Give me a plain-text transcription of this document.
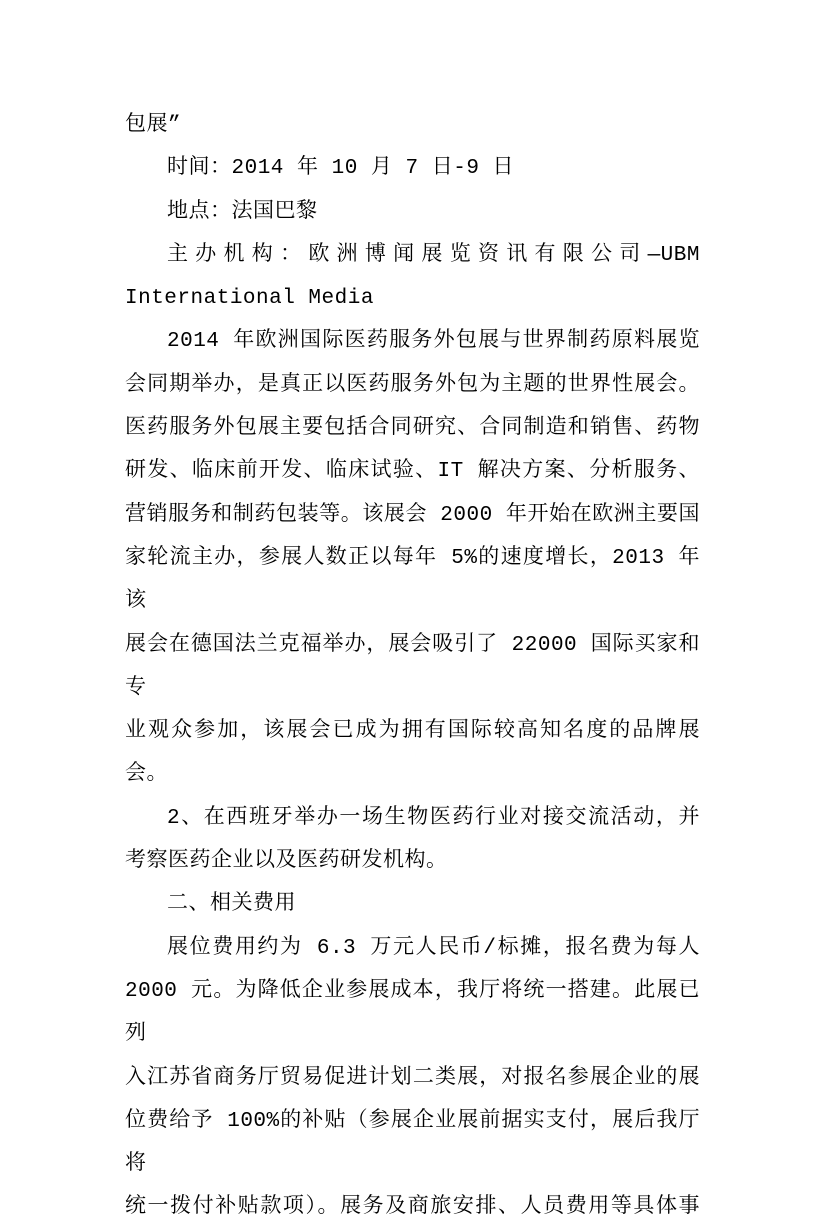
包展”
时间：2014 年 10 月 7 日-9 日
地点：法国巴黎
主办机构：欧洲博闻展览资讯有限公司—UBM
International Media
2014 年欧洲国际医药服务外包展与世界制药原料展览
会同期举办，是真正以医药服务外包为主题的世界性展会。
医药服务外包展主要包括合同研究、合同制造和销售、药物
研发、临床前开发、临床试验、IT 解决方案、分析服务、
营销服务和制药包装等。该展会 2000 年开始在欧洲主要国
家轮流主办，参展人数正以每年 5%的速度增长，2013 年该
展会在德国法兰克福举办，展会吸引了 22000 国际买家和专
业观众参加，该展会已成为拥有国际较高知名度的品牌展
会。
2、在西班牙举办一场生物医药行业对接交流活动，并
考察医药企业以及医药研发机构。
二、相关费用
展位费用约为 6.3 万元人民币/标摊，报名费为每人
2000 元。为降低企业参展成本，我厅将统一搭建。此展已列
入江苏省商务厅贸易促进计划二类展，对报名参展企业的展
位费给予 100%的补贴（参展企业展前据实支付，展后我厅将
统一拨付补贴款项）。展务及商旅安排、人员费用等具体事
